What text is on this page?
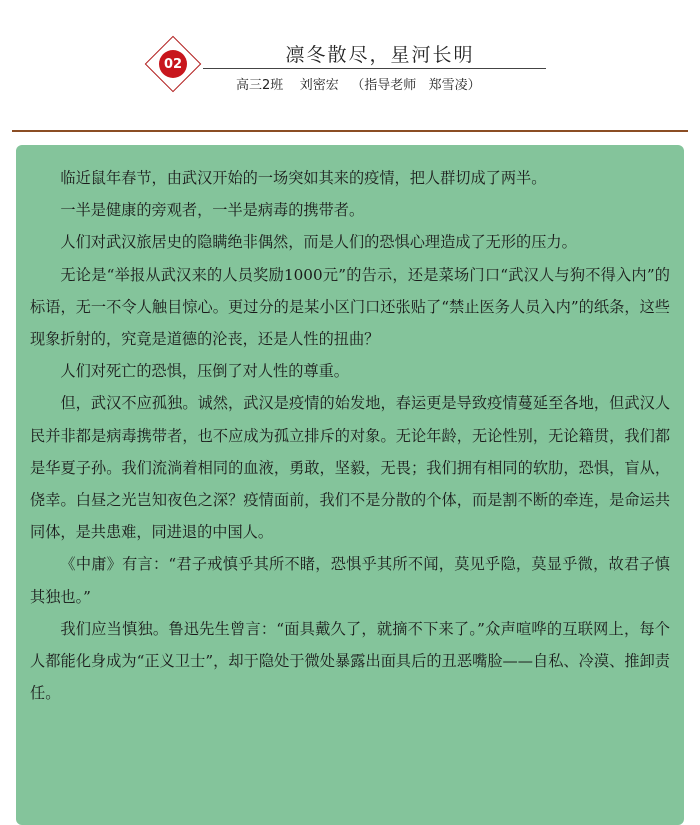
02	凛冬散尽，星河长明
高三2班    刘密宏   （指导老师   郑雪凌）

临近鼠年春节，由武汉开始的一场突如其来的疫情，把人群切成了两半。

一半是健康的旁观者，一半是病毒的携带者。

人们对武汉旅居史的隐瞒绝非偶然，而是人们的恐惧心理造成了无形的压力。

无论是“举报从武汉来的人员奖励1000元”的告示，还是菜场门口“武汉人与狗不得入内”的标语，无一不令人触目惊心。更过分的是某小区门口还张贴了“禁止医务人员入内”的纸条，这些现象折射的，究竟是道德的沦丧，还是人性的扭曲？

人们对死亡的恐惧，压倒了对人性的尊重。

但，武汉不应孤独。诚然，武汉是疫情的始发地，春运更是导致疫情蔓延至各地，但武汉人民并非都是病毒携带者，也不应成为孤立排斥的对象。无论年龄，无论性别，无论籍贯，我们都是华夏子孙。我们流淌着相同的血液，勇敢，坚毅，无畏；我们拥有相同的软肋，恐惧，盲从，侥幸。白昼之光岂知夜色之深？疫情面前，我们不是分散的个体，而是割不断的牵连，是命运共同体，是共患难，同进退的中国人。

《中庸》有言：“君子戒慎乎其所不睹，恐惧乎其所不闻，莫见乎隐，莫显乎微，故君子慎其独也。”

我们应当慎独。鲁迅先生曾言：“面具戴久了，就摘不下来了。”众声喧哗的互联网上，每个人都能化身成为“正义卫士”，却于隐处于微处暴露出面具后的丑恶嘴脸——自私、冷漠、推卸责任。
